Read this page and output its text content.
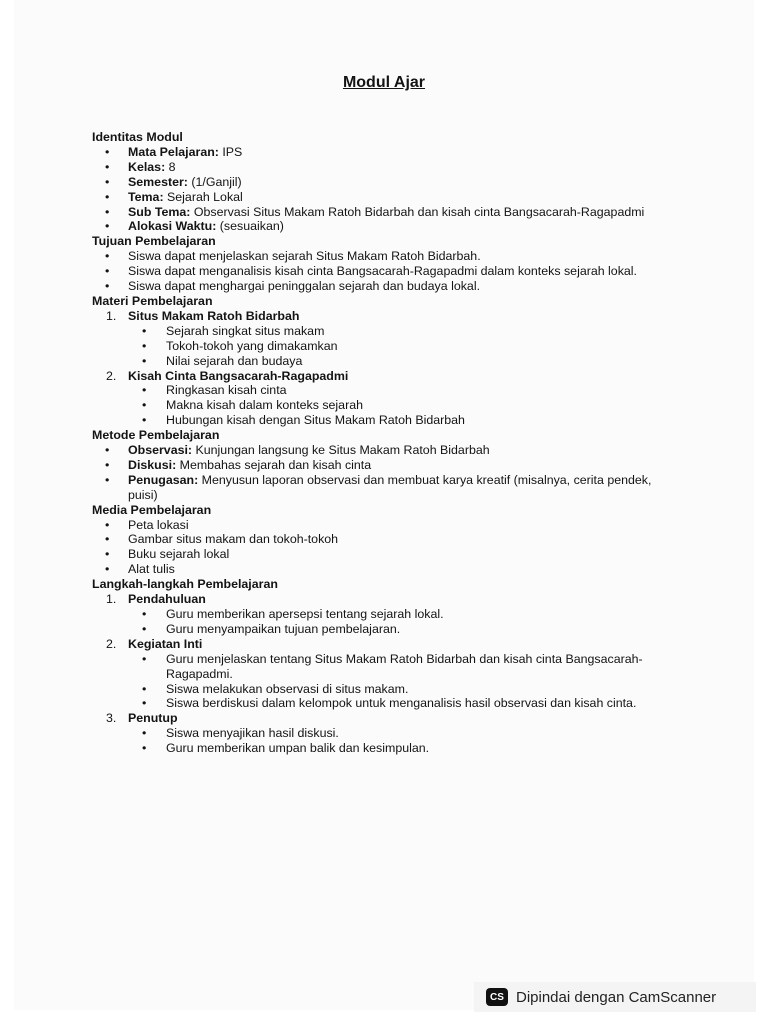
Modul Ajar
Identitas Modul
• Mata Pelajaran: IPS
• Kelas: 8
• Semester: (1/Ganjil)
• Tema: Sejarah Lokal
• Sub Tema: Observasi Situs Makam Ratoh Bidarbah dan kisah cinta Bangsacarah-Ragapadmi
• Alokasi Waktu: (sesuaikan)
Tujuan Pembelajaran
• Siswa dapat menjelaskan sejarah Situs Makam Ratoh Bidarbah.
• Siswa dapat menganalisis kisah cinta Bangsacarah-Ragapadmi dalam konteks sejarah lokal.
• Siswa dapat menghargai peninggalan sejarah dan budaya lokal.
Materi Pembelajaran
1. Situs Makam Ratoh Bidarbah
• Sejarah singkat situs makam
• Tokoh-tokoh yang dimakamkan
• Nilai sejarah dan budaya
2. Kisah Cinta Bangsacarah-Ragapadmi
• Ringkasan kisah cinta
• Makna kisah dalam konteks sejarah
• Hubungan kisah dengan Situs Makam Ratoh Bidarbah
Metode Pembelajaran
• Observasi: Kunjungan langsung ke Situs Makam Ratoh Bidarbah
• Diskusi: Membahas sejarah dan kisah cinta
• Penugasan: Menyusun laporan observasi dan membuat karya kreatif (misalnya, cerita pendek, puisi)
Media Pembelajaran
• Peta lokasi
• Gambar situs makam dan tokoh-tokoh
• Buku sejarah lokal
• Alat tulis
Langkah-langkah Pembelajaran
1. Pendahuluan
• Guru memberikan apersepsi tentang sejarah lokal.
• Guru menyampaikan tujuan pembelajaran.
2. Kegiatan Inti
• Guru menjelaskan tentang Situs Makam Ratoh Bidarbah dan kisah cinta Bangsacarah-Ragapadmi.
• Siswa melakukan observasi di situs makam.
• Siswa berdiskusi dalam kelompok untuk menganalisis hasil observasi dan kisah cinta.
3. Penutup
• Siswa menyajikan hasil diskusi.
• Guru memberikan umpan balik dan kesimpulan.
CS Dipindai dengan CamScanner
